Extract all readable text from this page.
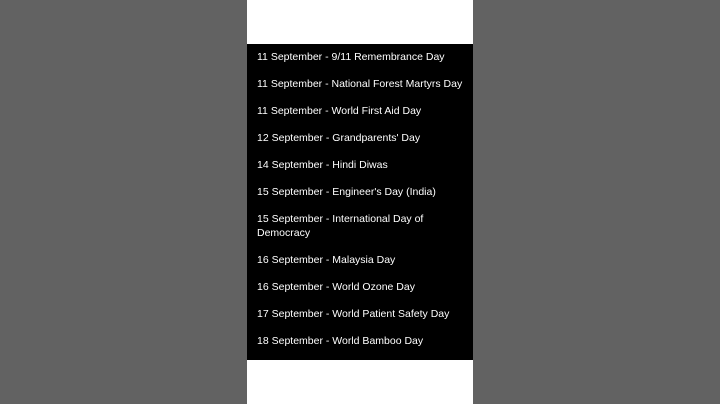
11 September - 9/11 Remembrance Day
11 September - National Forest Martyrs Day
11 September - World First Aid Day
12 September - Grandparents' Day
14 September - Hindi Diwas
15 September - Engineer's Day (India)
15 September - International Day of Democracy
16 September - Malaysia Day
16 September - World Ozone Day
17 September - World Patient Safety Day
18 September - World Bamboo Day
